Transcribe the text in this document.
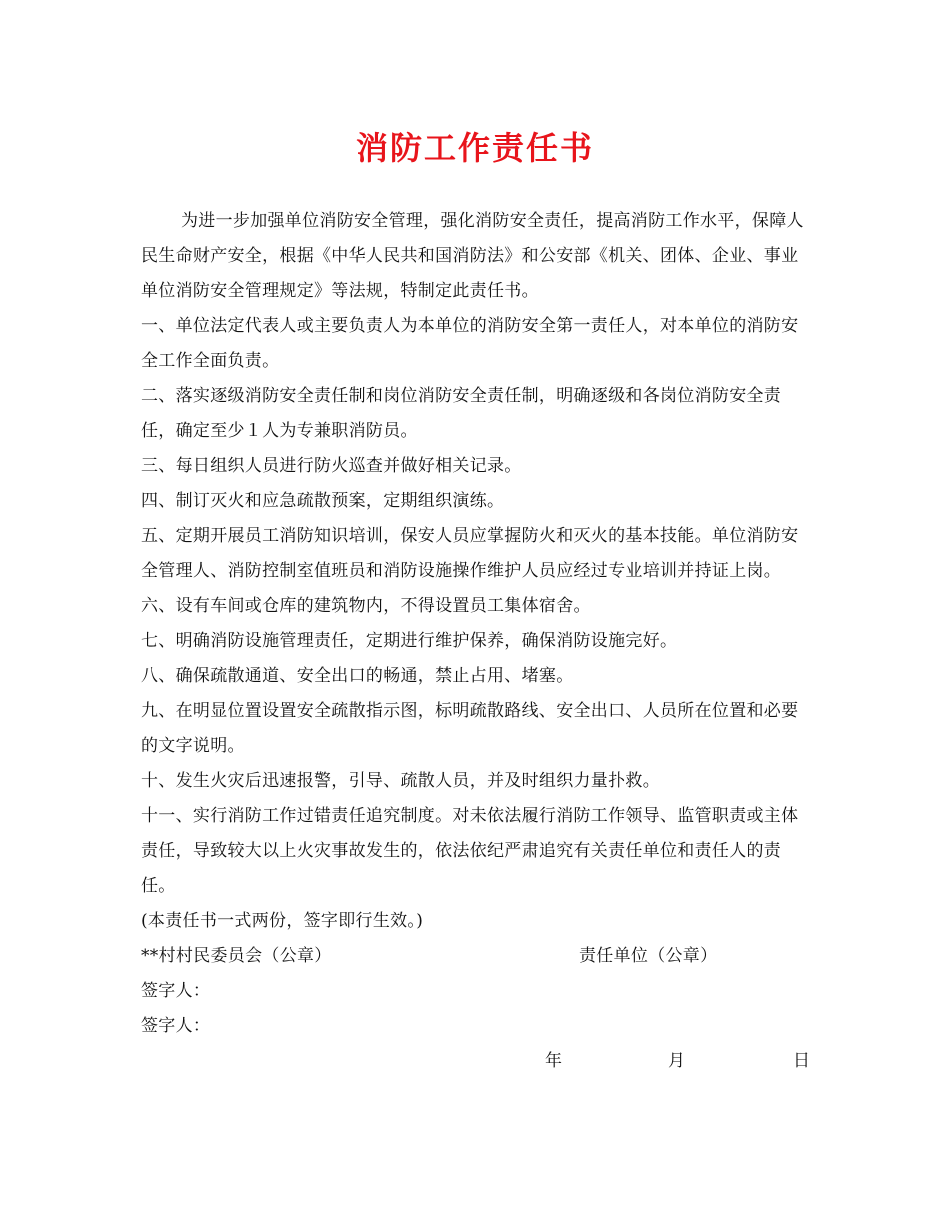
消防工作责任书

为进一步加强单位消防安全管理，强化消防安全责任，提高消防工作水平，保障人民生命财产安全，根据《中华人民共和国消防法》和公安部《机关、团体、企业、事业单位消防安全管理规定》等法规，特制定此责任书。

一、单位法定代表人或主要负责人为本单位的消防安全第一责任人，对本单位的消防安全工作全面负责。

二、落实逐级消防安全责任制和岗位消防安全责任制，明确逐级和各岗位消防安全责任，确定至少１人为专兼职消防员。

三、每日组织人员进行防火巡查并做好相关记录。

四、制订灭火和应急疏散预案，定期组织演练。

五、定期开展员工消防知识培训，保安人员应掌握防火和灭火的基本技能。单位消防安全管理人、消防控制室值班员和消防设施操作维护人员应经过专业培训并持证上岗。

六、设有车间或仓库的建筑物内，不得设置员工集体宿舍。

七、明确消防设施管理责任，定期进行维护保养，确保消防设施完好。

八、确保疏散通道、安全出口的畅通，禁止占用、堵塞。

九、在明显位置设置安全疏散指示图，标明疏散路线、安全出口、人员所在位置和必要的文字说明。

十、发生火灾后迅速报警，引导、疏散人员，并及时组织力量扑救。

十一、实行消防工作过错责任追究制度。对未依法履行消防工作领导、监管职责或主体责任，导致较大以上火灾事故发生的，依法依纪严肃追究有关责任单位和责任人的责任。

(本责任书一式两份，签字即行生效。)

**村村民委员会（公章）	责任单位（公章）

签字人：

签字人：

年	月	日
